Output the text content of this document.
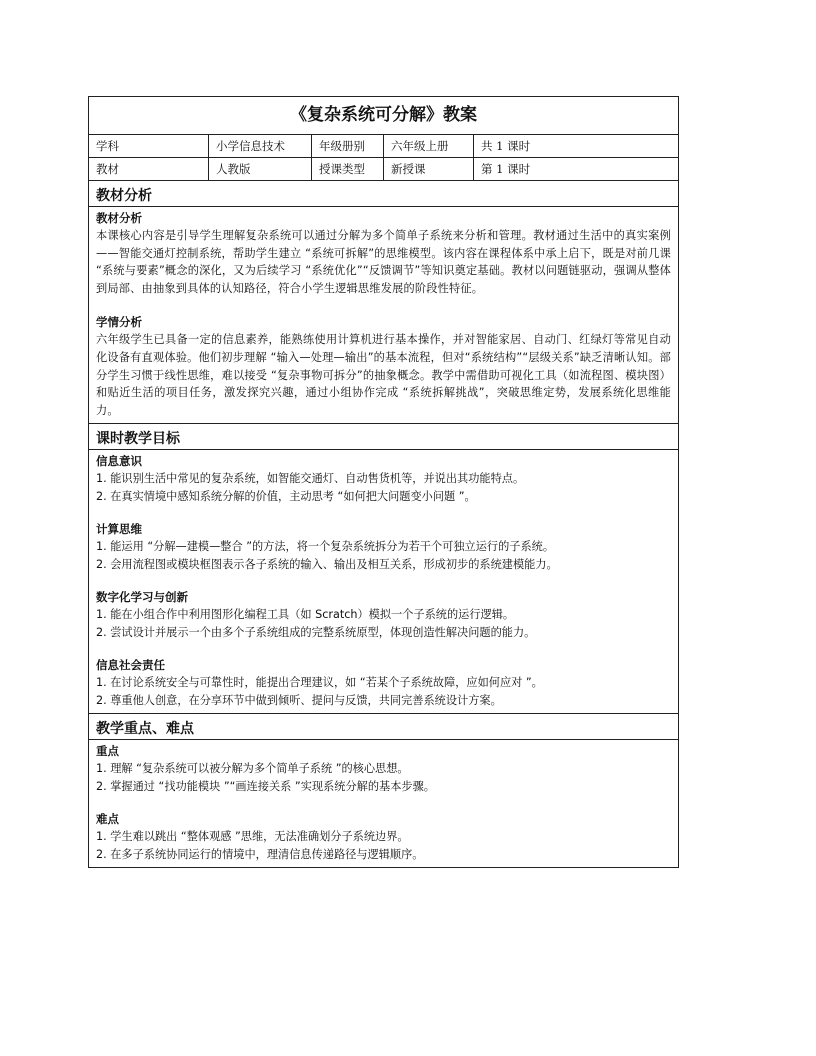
《复杂系统可分解》教案
学科	小学信息技术	年级册别	六年级上册	共 1 课时
教材	人教版	授课类型	新授课	第 1 课时
教材分析

教材分析

本课核心内容是引导学生理解复杂系统可以通过分解为多个简单子系统来分析和管理。教材通过生活中的真实案例——智能交通灯控制系统，帮助学生建立 “系统可拆解”的思维模型。该内容在课程体系中承上启下，既是对前几课 “系统与要素”概念的深化，又为后续学习 “系统优化”“反馈调节”等知识奠定基础。教材以问题链驱动，强调从整体到局部、由抽象到具体的认知路径，符合小学生逻辑思维发展的阶段性特征。

学情分析

六年级学生已具备一定的信息素养，能熟练使用计算机进行基本操作，并对智能家居、自动门、红绿灯等常见自动化设备有直观体验。他们初步理解 “输入—处理—输出”的基本流程，但对“系统结构”“层级关系”缺乏清晰认知。部分学生习惯于线性思维，难以接受 “复杂事物可拆分”的抽象概念。教学中需借助可视化工具（如流程图、模块图）和贴近生活的项目任务，激发探究兴趣，通过小组协作完成 “系统拆解挑战”，突破思维定势，发展系统化思维能力。

课时教学目标

信息意识

1. 能识别生活中常见的复杂系统，如智能交通灯、自动售货机等，并说出其功能特点。

2. 在真实情境中感知系统分解的价值，主动思考 “如何把大问题变小问题 ”。

计算思维

1. 能运用 “分解—建模—整合 ”的方法，将一个复杂系统拆分为若干个可独立运行的子系统。

2. 会用流程图或模块框图表示各子系统的输入、输出及相互关系，形成初步的系统建模能力。

数字化学习与创新

1. 能在小组合作中利用图形化编程工具（如 Scratch）模拟一个子系统的运行逻辑。

2. 尝试设计并展示一个由多个子系统组成的完整系统原型，体现创造性解决问题的能力。

信息社会责任

1. 在讨论系统安全与可靠性时，能提出合理建议，如 “若某个子系统故障，应如何应对 ”。

2. 尊重他人创意，在分享环节中做到倾听、提问与反馈，共同完善系统设计方案。

教学重点、难点

重点

1. 理解 “复杂系统可以被分解为多个简单子系统 ”的核心思想。

2. 掌握通过 “找功能模块 ”“画连接关系 ”实现系统分解的基本步骤。

难点

1. 学生难以跳出 “整体观感 ”思维，无法准确划分子系统边界。

2. 在多子系统协同运行的情境中，理清信息传递路径与逻辑顺序。
